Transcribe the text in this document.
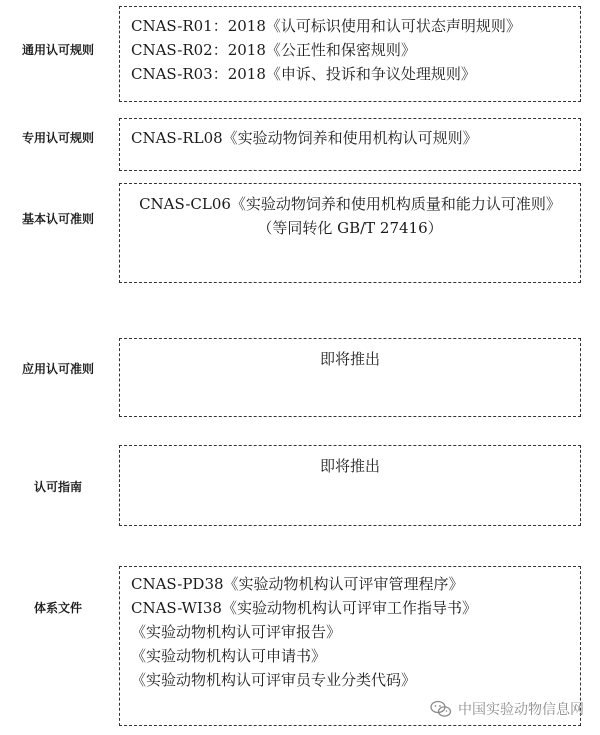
通用认可规则
CNAS-R01：2018《认可标识使用和认可状态声明规则》
CNAS-R02：2018《公正性和保密规则》
CNAS-R03：2018《申诉、投诉和争议处理规则》
专用认可规则	CNAS-RL08《实验动物饲养和使用机构认可规则》
基本认可准则
CNAS-CL06《实验动物饲养和使用机构质量和能力认可准则》
（等同转化 GB/T 27416）
应用认可准则
即将推出
认可指南
即将推出
体系文件
CNAS-PD38《实验动物机构认可评审管理程序》
CNAS-WI38《实验动物机构认可评审工作指导书》
《实验动物机构认可评审报告》
《实验动物机构认可申请书》
《实验动物机构认可评审员专业分类代码》
中国实验动物信息网
